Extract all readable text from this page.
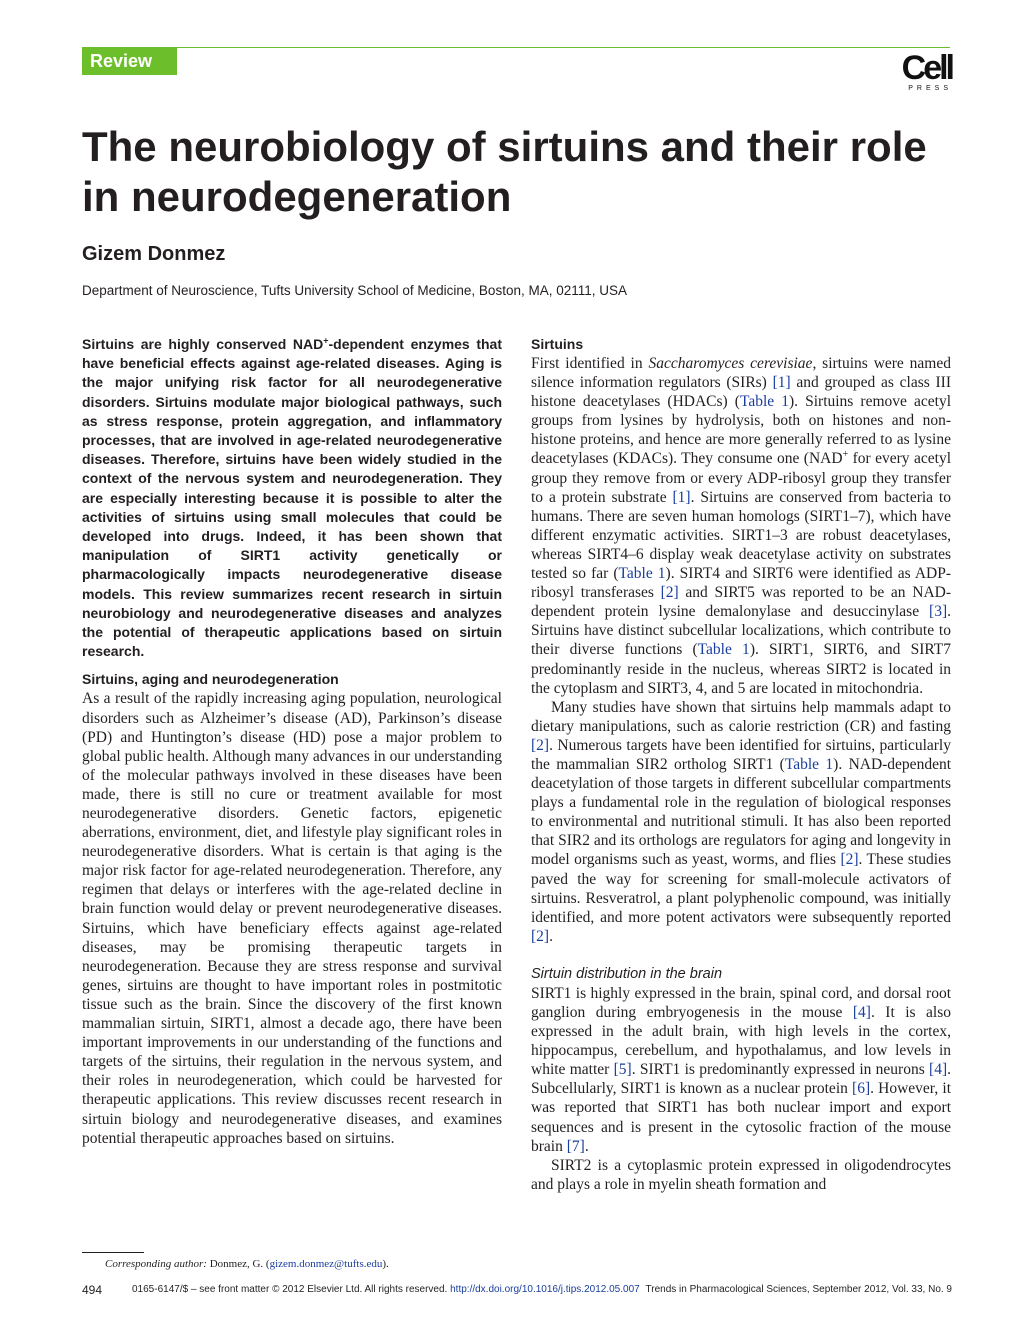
Review	Cell
PRESS
The neurobiology of sirtuins and their role in neurodegeneration
Gizem Donmez
Department of Neuroscience, Tufts University School of Medicine, Boston, MA, 02111, USA

Sirtuins are highly conserved NAD+-dependent enzymes that have beneficial effects against age-related diseases. Aging is the major unifying risk factor for all neurodegenerative disorders. Sirtuins modulate major biological pathways, such as stress response, protein aggregation, and inflammatory processes, that are involved in age-related neurodegenerative diseases. Therefore, sirtuins have been widely studied in the context of the nervous system and neurodegeneration. They are especially interesting because it is possible to alter the activities of sirtuins using small molecules that could be developed into drugs. Indeed, it has been shown that manipulation of SIRT1 activity genetically or pharmacologically impacts neurodegenerative disease models. This review summarizes recent research in sirtuin neurobiology and neurodegenerative diseases and analyzes the potential of therapeutic applications based on sirtuin research.

Sirtuins, aging and neurodegeneration

As a result of the rapidly increasing aging population, neurological disorders such as Alzheimer’s disease (AD), Parkinson’s disease (PD) and Huntington’s disease (HD) pose a major problem to global public health. Although many advances in our understanding of the molecular pathways involved in these diseases have been made, there is still no cure or treatment available for most neurodegenerative disorders. Genetic factors, epigenetic aberrations, environment, diet, and lifestyle play significant roles in neurodegenerative disorders. What is certain is that aging is the major risk factor for age-related neurodegeneration. Therefore, any regimen that delays or interferes with the age-related decline in brain function would delay or prevent neurodegenerative diseases. Sirtuins, which have beneficiary effects against age-related diseases, may be promising therapeutic targets in neurodegeneration. Because they are stress response and survival genes, sirtuins are thought to have important roles in postmitotic tissue such as the brain. Since the discovery of the first known mammalian sirtuin, SIRT1, almost a decade ago, there have been important improvements in our understanding of the functions and targets of the sirtuins, their regulation in the nervous system, and their roles in neurodegeneration, which could be harvested for therapeutic applications. This review discusses recent research in sirtuin biology and neurodegenerative diseases, and examines potential therapeutic approaches based on sirtuins.

Sirtuins

First identified in Saccharomyces cerevisiae, sirtuins were named silence information regulators (SIRs) [1] and grouped as class III histone deacetylases (HDACs) (Table 1). Sirtuins remove acetyl groups from lysines by hydrolysis, both on histones and non-histone proteins, and hence are more generally referred to as lysine deacetylases (KDACs). They consume one (NAD+ for every acetyl group they remove from or every ADP-ribosyl group they transfer to a protein substrate [1]. Sirtuins are conserved from bacteria to humans. There are seven human homologs (SIRT1–7), which have different enzymatic activities. SIRT1–3 are robust deacetylases, whereas SIRT4–6 display weak deacetylase activity on substrates tested so far (Table 1). SIRT4 and SIRT6 were identified as ADP-ribosyl transferases [2] and SIRT5 was reported to be an NAD-dependent protein lysine demalonylase and desuccinylase [3]. Sirtuins have distinct subcellular localizations, which contribute to their diverse functions (Table 1). SIRT1, SIRT6, and SIRT7 predominantly reside in the nucleus, whereas SIRT2 is located in the cytoplasm and SIRT3, 4, and 5 are located in mitochondria.

Many studies have shown that sirtuins help mammals adapt to dietary manipulations, such as calorie restriction (CR) and fasting [2]. Numerous targets have been identified for sirtuins, particularly the mammalian SIR2 ortholog SIRT1 (Table 1). NAD-dependent deacetylation of those targets in different subcellular compartments plays a fundamental role in the regulation of biological responses to environmental and nutritional stimuli. It has also been reported that SIR2 and its orthologs are regulators for aging and longevity in model organisms such as yeast, worms, and flies [2]. These studies paved the way for screening for small-molecule activators of sirtuins. Resveratrol, a plant polyphenolic compound, was initially identified, and more potent activators were subsequently reported [2].

Sirtuin distribution in the brain

SIRT1 is highly expressed in the brain, spinal cord, and dorsal root ganglion during embryogenesis in the mouse [4]. It is also expressed in the adult brain, with high levels in the cortex, hippocampus, cerebellum, and hypothalamus, and low levels in white matter [5]. SIRT1 is predominantly expressed in neurons [4]. Subcellularly, SIRT1 is known as a nuclear protein [6]. However, it was reported that SIRT1 has both nuclear import and export sequences and is present in the cytosolic fraction of the mouse brain [7].

SIRT2 is a cytoplasmic protein expressed in oligodendrocytes and plays a role in myelin sheath formation and

Corresponding author: Donmez, G. (gizem.donmez@tufts.edu).
494	0165-6147/$ – see front matter © 2012 Elsevier Ltd. All rights reserved. http://dx.doi.org/10.1016/j.tips.2012.05.007 Trends in Pharmacological Sciences, September 2012, Vol. 33, No. 9
